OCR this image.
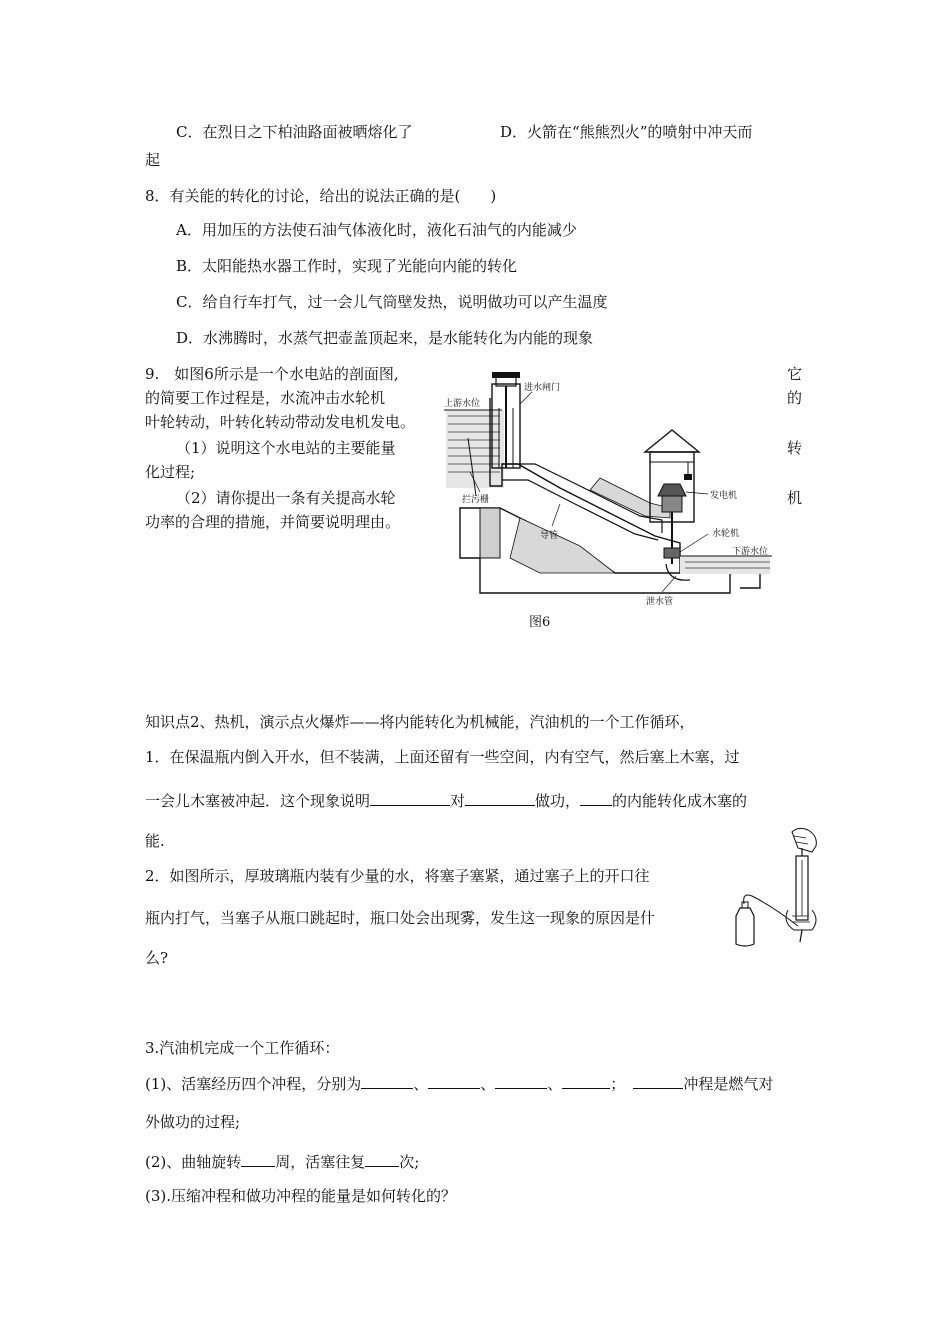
C．在烈日之下柏油路面被晒熔化了	D．火箭在“熊熊烈火”的喷射中冲天而
起
8．有关能的转化的讨论，给出的说法正确的是(　　)
A．用加压的方法使石油气体液化时，液化石油气的内能减少
B．太阳能热水器工作时，实现了光能向内能的转化
C．给自行车打气，过一会儿气筒壁发热，说明做功可以产生温度
D．水沸腾时，水蒸气把壶盖顶起来，是水能转化为内能的现象
9.　如图6所示是一个水电站的剖面图,
的简要工作过程是，水流冲击水轮机
叶轮转动，叶转化转动带动发电机发电。
（1）说明这个水电站的主要能量
化过程;
（2）请你提出一条有关提高水轮
功率的合理的措施，并简要说明理由。
它
的
转
机
上游水位
进水闸门
拦污栅
导管
发电机
水轮机
下游水位
泄水管
图6
知识点2、热机，演示点火爆炸——将内能转化为机械能，汽油机的一个工作循环，
1．在保温瓶内倒入开水，但不装满，上面还留有一些空间，内有空气，然后塞上木塞，过
一会儿木塞被冲起．这个现象说明	对	做功， 的内能转化成木塞的
能.
2．如图所示，厚玻璃瓶内装有少量的水，将塞子塞紧，通过塞子上的开口往
瓶内打气，当塞子从瓶口跳起时，瓶口处会出现雾，发生这一现象的原因是什
么?
3.汽油机完成一个工作循环：
(1)、活塞经历四个冲程，分别为	、	、	、	；	冲程是燃气对
外做功的过程;
(2)、曲轴旋转 周，活塞往复 次;
(3).压缩冲程和做功冲程的能量是如何转化的？
